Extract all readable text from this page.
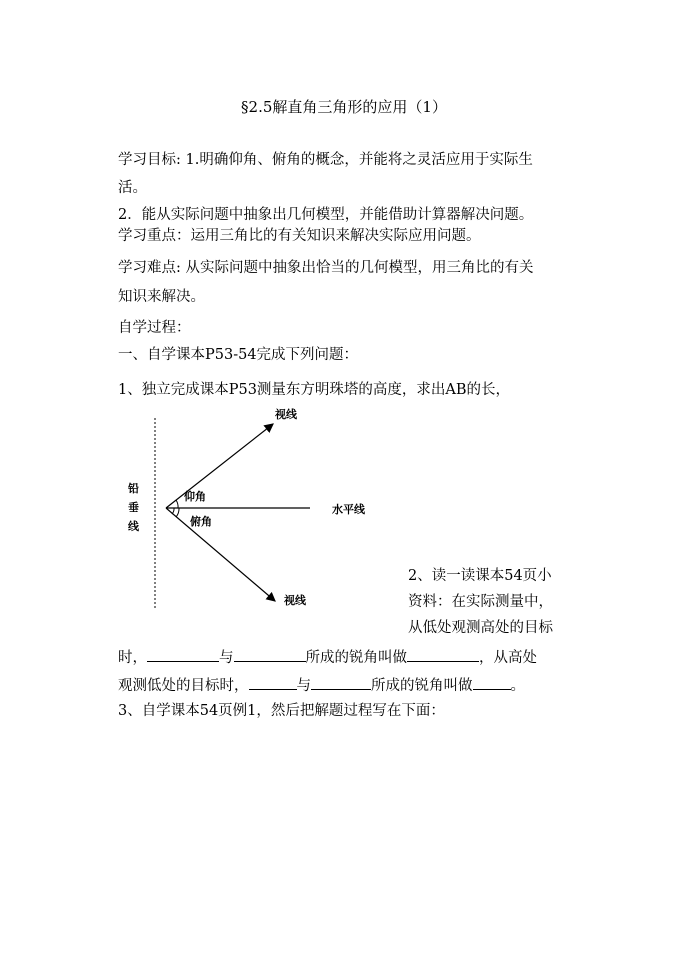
§2.5解直角三角形的应用（1）
学习目标: 1.明确仰角、俯角的概念，并能将之灵活应用于实际生
活。
2．能从实际问题中抽象出几何模型，并能借助计算器解决问题。
学习重点：运用三角比的有关知识来解决实际应用问题。
学习难点: 从实际问题中抽象出恰当的几何模型，用三角比的有关
知识来解决。
自学过程：
一、自学课本P53-54完成下列问题：
1、独立完成课本P53测量东方明珠塔的高度，求出AB的长，
视线
视线
水平线
仰角
俯角
铅
垂
线
2、读一读课本54页小
资料：在实际测量中，
从低处观测高处的目标
时，	与	所成的锐角叫做	，从高处
观测低处的目标时，	与	所成的锐角叫做	。
3、自学课本54页例1，然后把解题过程写在下面：
